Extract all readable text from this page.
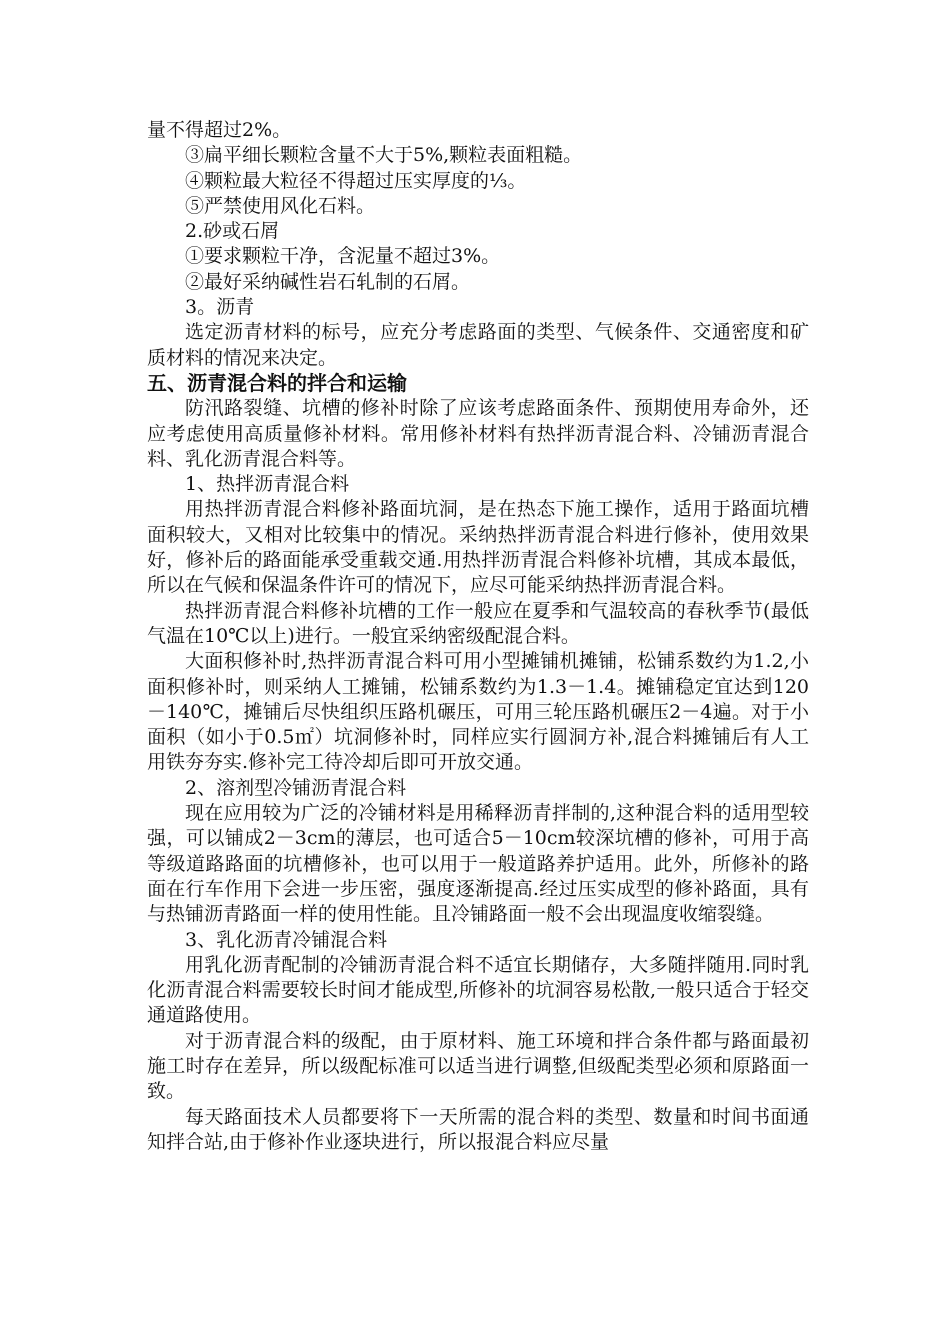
量不得超过2%。

③扁平细长颗粒含量不大于5%,颗粒表面粗糙。

④颗粒最大粒径不得超过压实厚度的⅓。

⑤严禁使用风化石料。

2.砂或石屑

①要求颗粒干净，含泥量不超过3%。

②最好采纳碱性岩石轧制的石屑。

3。沥青

选定沥青材料的标号，应充分考虑路面的类型、气候条件、交通密度和矿质材料的情况来决定。

五、沥青混合料的拌合和运输

防汛路裂缝、坑槽的修补时除了应该考虑路面条件、预期使用寿命外，还应考虑使用高质量修补材料。常用修补材料有热拌沥青混合料、冷铺沥青混合料、乳化沥青混合料等。

1、热拌沥青混合料

用热拌沥青混合料修补路面坑洞，是在热态下施工操作，适用于路面坑槽面积较大，又相对比较集中的情况。采纳热拌沥青混合料进行修补，使用效果好，修补后的路面能承受重载交通.用热拌沥青混合料修补坑槽，其成本最低，所以在气候和保温条件许可的情况下，应尽可能采纳热拌沥青混合料。

热拌沥青混合料修补坑槽的工作一般应在夏季和气温较高的春秋季节(最低气温在10℃以上)进行。一般宜采纳密级配混合料。

大面积修补时,热拌沥青混合料可用小型摊铺机摊铺，松铺系数约为1.2,小面积修补时，则采纳人工摊铺，松铺系数约为1.3－1.4。摊铺稳定宜达到120－140℃，摊铺后尽快组织压路机碾压，可用三轮压路机碾压2－4遍。对于小面积（如小于0.5㎡）坑洞修补时，同样应实行圆洞方补,混合料摊铺后有人工用铁夯夯实.修补完工待冷却后即可开放交通。

2、溶剂型冷铺沥青混合料

现在应用较为广泛的冷铺材料是用稀释沥青拌制的,这种混合料的适用型较强，可以铺成2－3cm的薄层，也可适合5－10cm较深坑槽的修补，可用于高等级道路路面的坑槽修补，也可以用于一般道路养护适用。此外，所修补的路面在行车作用下会进一步压密，强度逐渐提高.经过压实成型的修补路面，具有与热铺沥青路面一样的使用性能。且冷铺路面一般不会出现温度收缩裂缝。

3、乳化沥青冷铺混合料

用乳化沥青配制的冷铺沥青混合料不适宜长期储存，大多随拌随用.同时乳化沥青混合料需要较长时间才能成型,所修补的坑洞容易松散,一般只适合于轻交通道路使用。

对于沥青混合料的级配，由于原材料、施工环境和拌合条件都与路面最初施工时存在差异，所以级配标准可以适当进行调整,但级配类型必须和原路面一致。

每天路面技术人员都要将下一天所需的混合料的类型、数量和时间书面通知拌合站,由于修补作业逐块进行，所以报混合料应尽量
